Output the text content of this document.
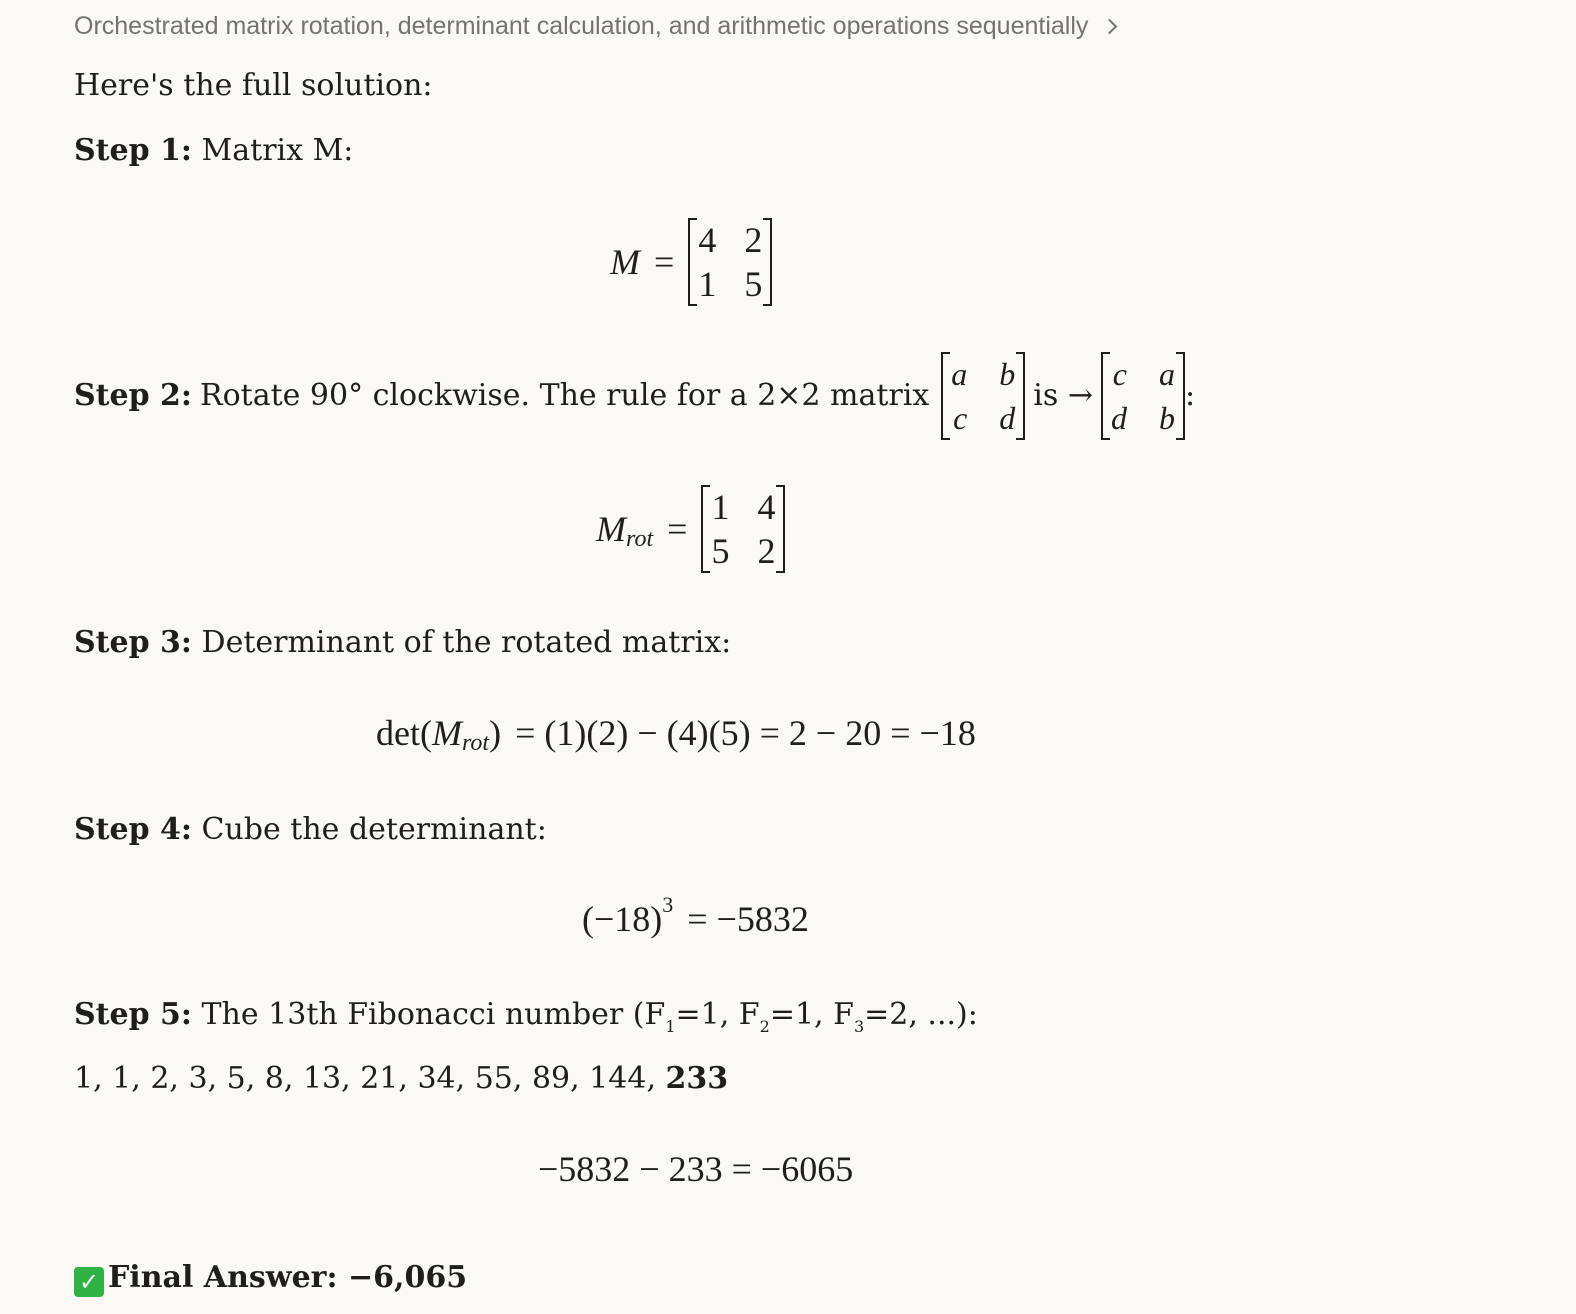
Orchestrated matrix rotation, determinant calculation, and arithmetic operations sequentially
Here's the full solution:
Step 1: Matrix M:
M =
4 2
1 5
Step 2: Rotate 90° clockwise. The rule for a 2×2 matrix
a b
c d
is →
c a
d b
:
M rot =
1 4
5 2
Step 3: Determinant of the rotated matrix:
det( M rot ) = (1)(2) − (4)(5) = 2 − 20 = −18
Step 4: Cube the determinant:
(−18) 3 = −5832
Step 5: The 13th Fibonacci number ($F_1=1$, $F_2=1$, $F_3=2$, ...):
1, 1, 2, 3, 5, 8, 13, 21, 34, 55, 89, 144, 233
−5832 − 233 = −6065
✓ Final Answer: −6,065
